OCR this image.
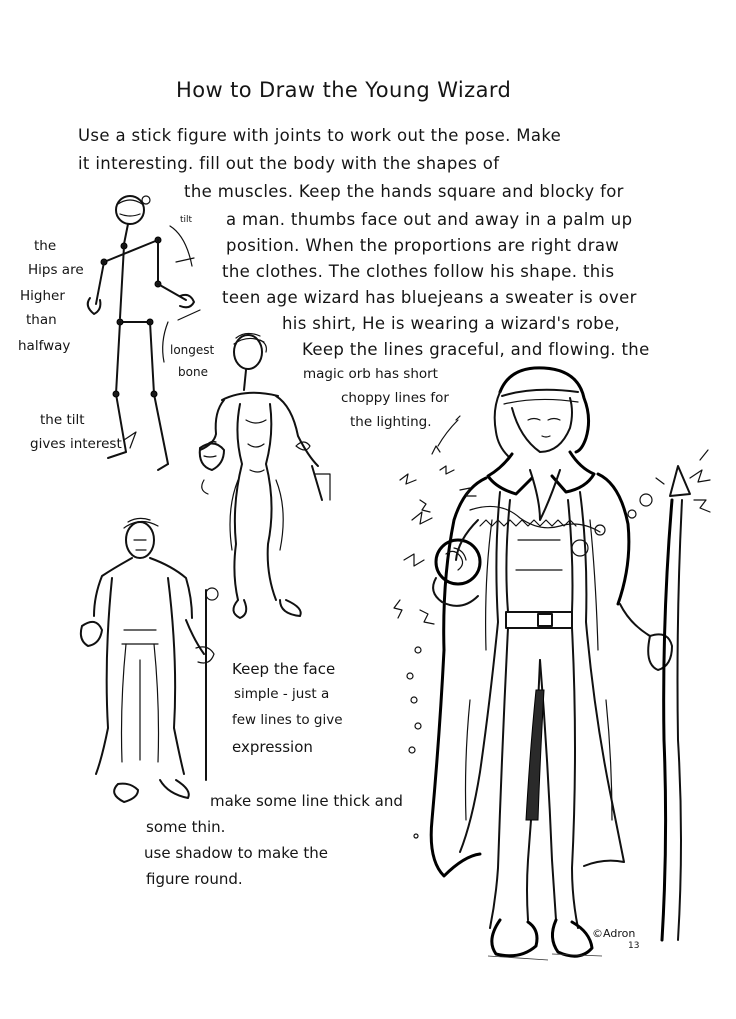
How to Draw the Young Wizard
Use a stick figure with joints to work out the pose. Make
it interesting. fill out the body with the shapes of
the muscles. Keep the hands square and blocky for
a man. thumbs face out and away in a palm up
position. When the proportions are right draw
the clothes. The clothes follow his shape. this
teen age wizard has bluejeans a sweater is over
his shirt, He is wearing a wizard's robe,
Keep the lines graceful, and flowing. the
magic orb has short
choppy lines for
the lighting.
tilt
the
Hips are
Higher
than
halfway	longest
bone
the tilt
gives interest
Keep the face
simple - just a
few lines to give
expression
make some line thick and
some thin.
use shadow to make the
figure round.
©Adron
13
